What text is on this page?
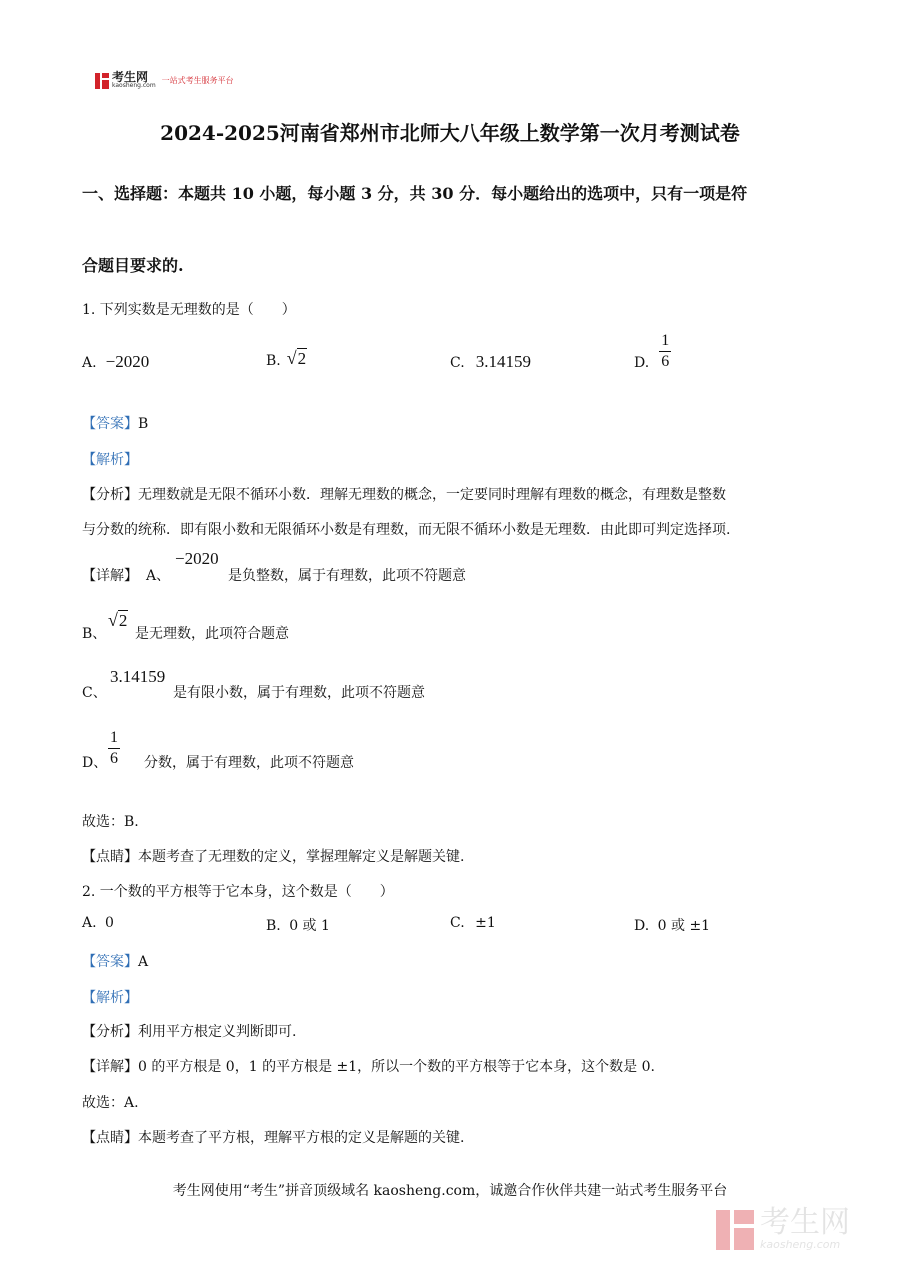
考生网
kaosheng.com
一站式考生服务平台
2024-2025河南省郑州市北师大八年级上数学第一次月考测试卷
一、选择题：本题共 10 小题，每小题 3 分，共 30 分．每小题给出的选项中，只有一项是符
合题目要求的.
1. 下列实数是无理数的是（　　）
A. −2020	B. √ 2	C. 3.14159	D. $\frac{1}{6}$
【答案】B
【解析】
【分析】无理数就是无限不循环小数．理解无理数的概念，一定要同时理解有理数的概念，有理数是整数
与分数的统称．即有限小数和无限循环小数是有理数，而无限不循环小数是无理数．由此即可判定选择项.
【详解】 A、
−2020
是负整数，属于有理数，此项不符题意
B、
√ 2
是无理数，此项符合题意
C、
3.14159
是有限小数，属于有理数，此项不符题意
D、 $\frac{1}{6}$ 分数，属于有理数，此项不符题意
故选：B.
【点睛】本题考查了无理数的定义，掌握理解定义是解题关键.
2. 一个数的平方根等于它本身，这个数是（　　）
A. 0	B. 0 或 1	C. ±1	D. 0 或 ±1
【答案】A
【解析】
【分析】利用平方根定义判断即可.
【详解】0 的平方根是 0，1 的平方根是 ±1，所以一个数的平方根等于它本身，这个数是 0.
故选：A.
【点睛】本题考查了平方根，理解平方根的定义是解题的关键.
考生网使用“考生”拼音顶级域名 kaosheng.com，诚邀合作伙伴共建一站式考生服务平台
考生网
kaosheng.com
